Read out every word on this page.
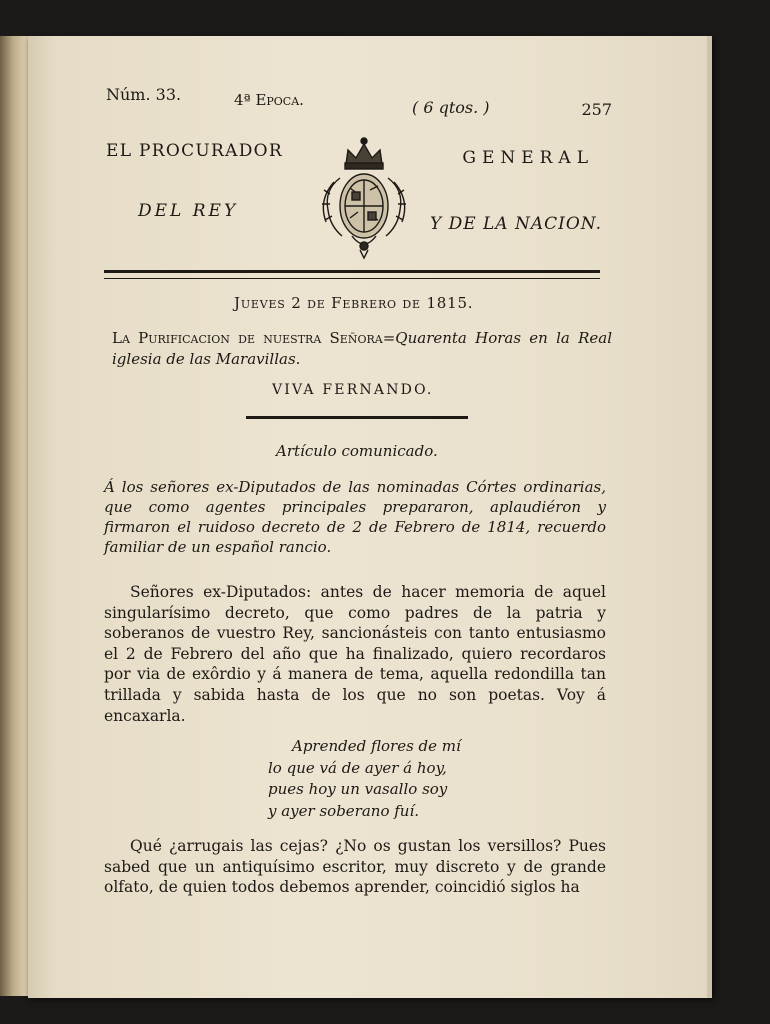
Núm. 33.	4ª Epoca.	( 6 qtos. )	257
EL PROCURADOR	GENERAL
DEL REY
Y DE LA NACION.
Jueves 2 de Febrero de 1815.
La Purificacion de nuestra Señora=Quarenta Horas en la Real iglesia de las Maravillas.
VIVA FERNANDO.
Artículo comunicado.
Á los señores ex-Diputados de las nominadas Córtes ordinarias, que como agentes principales prepararon, aplaudiéron y firmaron el ruidoso decreto de 2 de Febrero de 1814, recuerdo familiar de un español rancio.
Señores ex-Diputados: antes de hacer memoria de aquel singularísimo decreto, que como padres de la patria y soberanos de vuestro Rey, sancionásteis con tanto entusiasmo el 2 de Febrero del año que ha finalizado, quiero recordaros por via de exôrdio y á manera de tema, aquella redondilla tan trillada y sabida hasta de los que no son poetas. Voy á encaxarla.
Aprended flores de mí
lo que vá de ayer á hoy,
pues hoy un vasallo soy
y ayer soberano fuí.
Qué ¿arrugais las cejas? ¿No os gustan los versillos? Pues sabed que un antiquísimo escritor, muy discreto y de grande olfato, de quien todos debemos aprender, coincidió siglos ha
